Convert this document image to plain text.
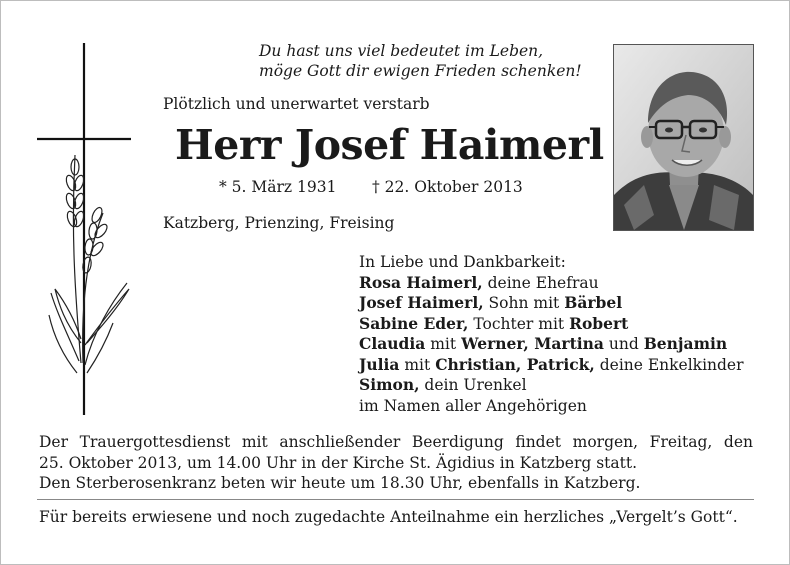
Du hast uns viel bedeutet im Leben,
möge Gott dir ewigen Frieden schenken!
Plötzlich und unerwartet verstarb
Herr Josef Haimerl
* 5. März 1931 † 22. Oktober 2013
Katzberg, Prienzing, Freising
In Liebe und Dankbarkeit:
Rosa Haimerl, deine Ehefrau
Josef Haimerl, Sohn mit Bärbel
Sabine Eder, Tochter mit Robert
Claudia mit Werner, Martina und Benjamin
Julia mit Christian, Patrick, deine Enkelkinder
Simon, dein Urenkel
im Namen aller Angehörigen
Der Trauergottesdienst mit anschließender Beerdigung findet morgen, Freitag, den
25. Oktober 2013, um 14.00 Uhr in der Kirche St. Ägidius in Katzberg statt.
Den Sterberosenkranz beten wir heute um 18.30 Uhr, ebenfalls in Katzberg.
Für bereits erwiesene und noch zugedachte Anteilnahme ein herzliches „Vergelt’s Gott“.
